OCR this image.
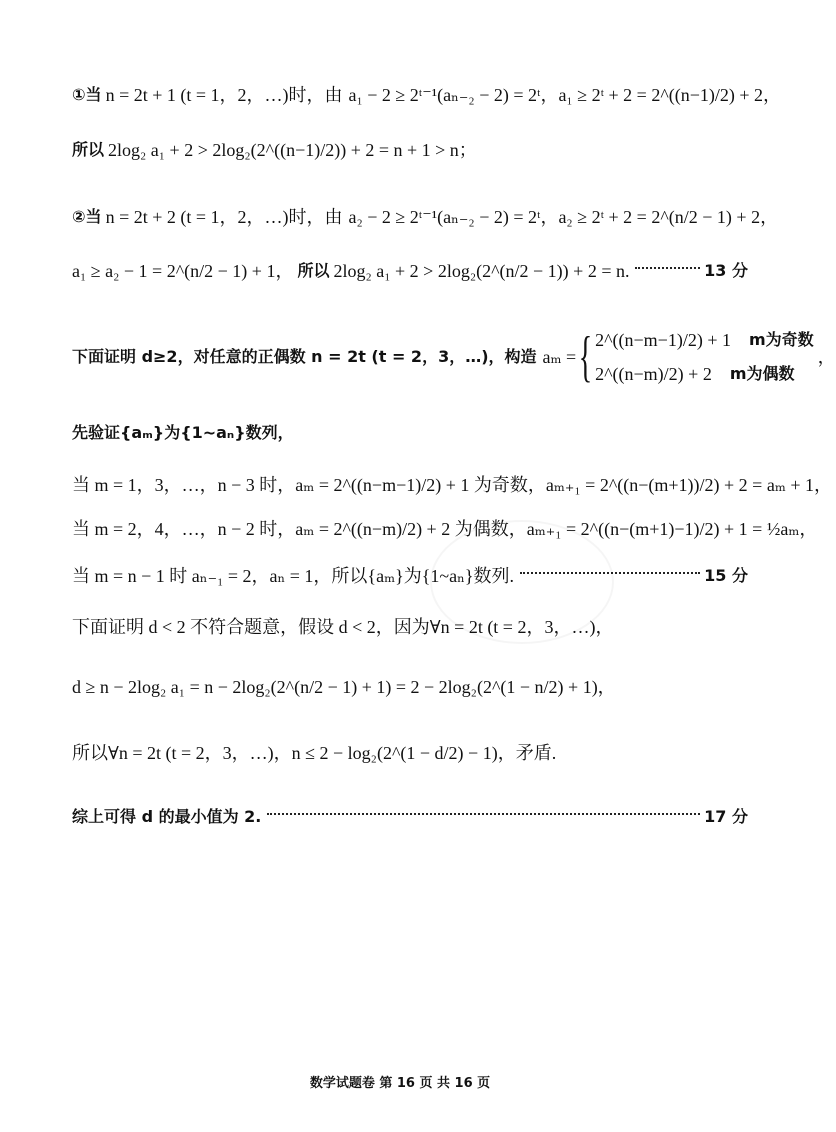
①当 n = 2t + 1 (t = 1，2，…)时，由 a₁ − 2 ≥ 2ᵗ⁻¹(aₙ₋₂ − 2) = 2ᵗ，a₁ ≥ 2ᵗ + 2 = 2^((n−1)/2) + 2，
所以 2log₂ a₁ + 2 > 2log₂(2^((n−1)/2)) + 2 = n + 1 > n；
②当 n = 2t + 2 (t = 1，2，…)时，由 a₂ − 2 ≥ 2ᵗ⁻¹(aₙ₋₂ − 2) = 2ᵗ，a₂ ≥ 2ᵗ + 2 = 2^(n/2 − 1) + 2，
a₁ ≥ a₂ − 1 = 2^(n/2 − 1) + 1， 所以 2log₂ a₁ + 2 > 2log₂(2^(n/2 − 1)) + 2 = n.	13 分
下面证明 d≥2，对任意的正偶数 n = 2t (t = 2，3，…)，构造 aₘ = { 2^((n−m−1)/2) + 1 m为奇数
2^((n−m)/2) + 2 m为偶数
，
先验证{aₘ}为{1~aₙ}数列，
当 m = 1，3，…，n − 3 时，aₘ = 2^((n−m−1)/2) + 1 为奇数，aₘ₊₁ = 2^((n−(m+1))/2) + 2 = aₘ + 1，
当 m = 2，4，…，n − 2 时，aₘ = 2^((n−m)/2) + 2 为偶数，aₘ₊₁ = 2^((n−(m+1)−1)/2) + 1 = ½aₘ，
当 m = n − 1 时 aₙ₋₁ = 2，aₙ = 1，所以{aₘ}为{1~aₙ}数列.	15 分
下面证明 d < 2 不符合题意，假设 d < 2，因为∀n = 2t (t = 2，3，…)，
d ≥ n − 2log₂ a₁ = n − 2log₂(2^(n/2 − 1) + 1) = 2 − 2log₂(2^(1 − n/2) + 1)，
所以∀n = 2t (t = 2，3，…)，n ≤ 2 − log₂(2^(1 − d/2) − 1)，矛盾.
综上可得 d 的最小值为 2.	17 分
数学试题卷 第 16 页 共 16 页
